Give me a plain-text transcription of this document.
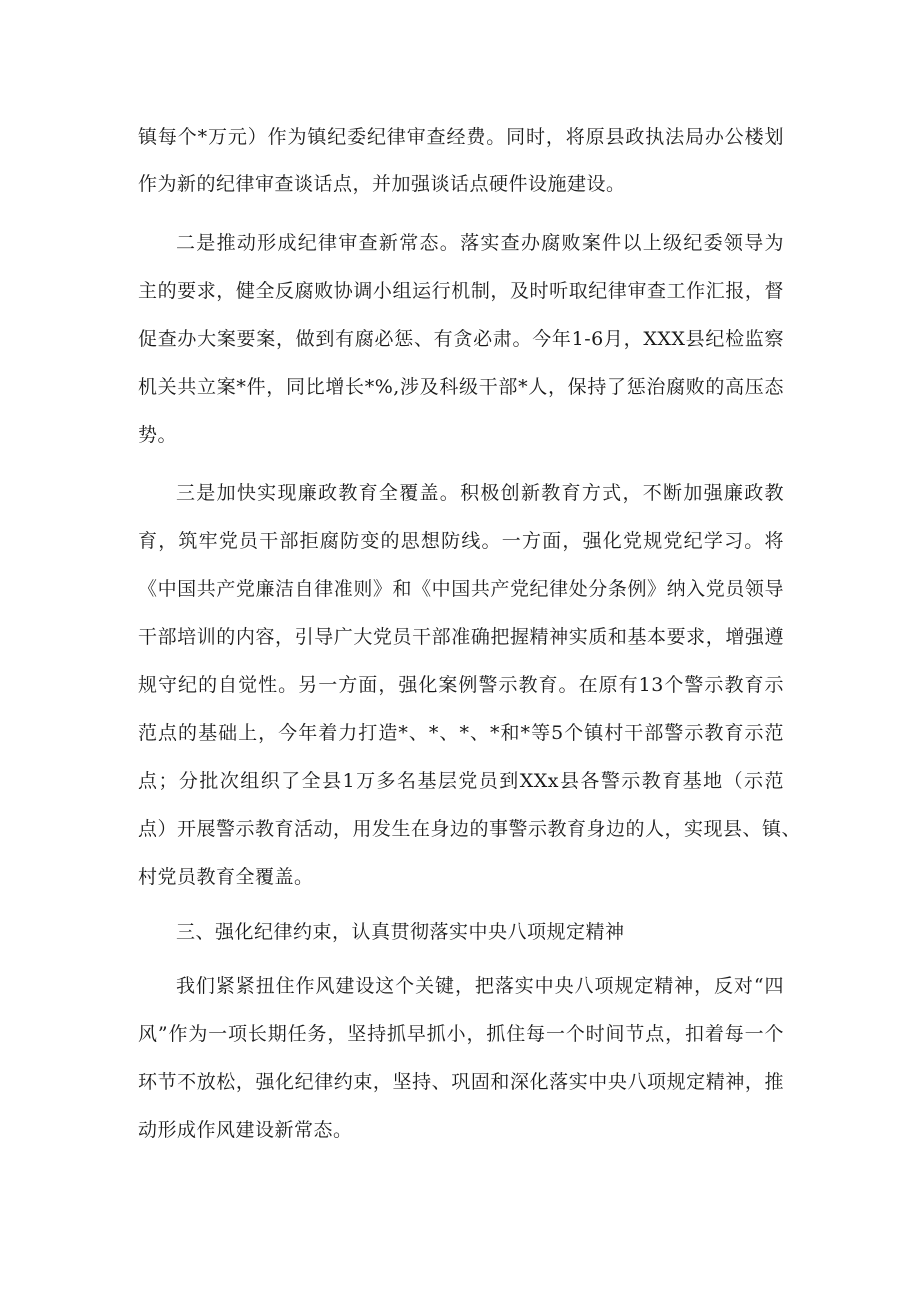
镇每个*万元）作为镇纪委纪律审查经费。同时，将原县政执法局办公楼划
作为新的纪律审查谈话点，并加强谈话点硬件设施建设。
二是推动形成纪律审查新常态。落实查办腐败案件以上级纪委领导为
主的要求，健全反腐败协调小组运行机制，及时听取纪律审查工作汇报，督
促查办大案要案，做到有腐必惩、有贪必肃。今年1-6月，XXX县纪检监察
机关共立案*件，同比增长*%,涉及科级干部*人，保持了惩治腐败的高压态
势。
三是加快实现廉政教育全覆盖。积极创新教育方式，不断加强廉政教
育，筑牢党员干部拒腐防变的思想防线。一方面，强化党规党纪学习。将
《中国共产党廉洁自律准则》和《中国共产党纪律处分条例》纳入党员领导
干部培训的内容，引导广大党员干部准确把握精神实质和基本要求，增强遵
规守纪的自觉性。另一方面，强化案例警示教育。在原有13个警示教育示
范点的基础上，今年着力打造*、*、*、*和*等5个镇村干部警示教育示范
点；分批次组织了全县1万多名基层党员到XXx县各警示教育基地（示范
点）开展警示教育活动，用发生在身边的事警示教育身边的人，实现县、镇、
村党员教育全覆盖。
三、强化纪律约束，认真贯彻落实中央八项规定精神
我们紧紧扭住作风建设这个关键，把落实中央八项规定精神，反对“四
风”作为一项长期任务，坚持抓早抓小，抓住每一个时间节点，扣着每一个
环节不放松，强化纪律约束，坚持、巩固和深化落实中央八项规定精神，推
动形成作风建设新常态。
